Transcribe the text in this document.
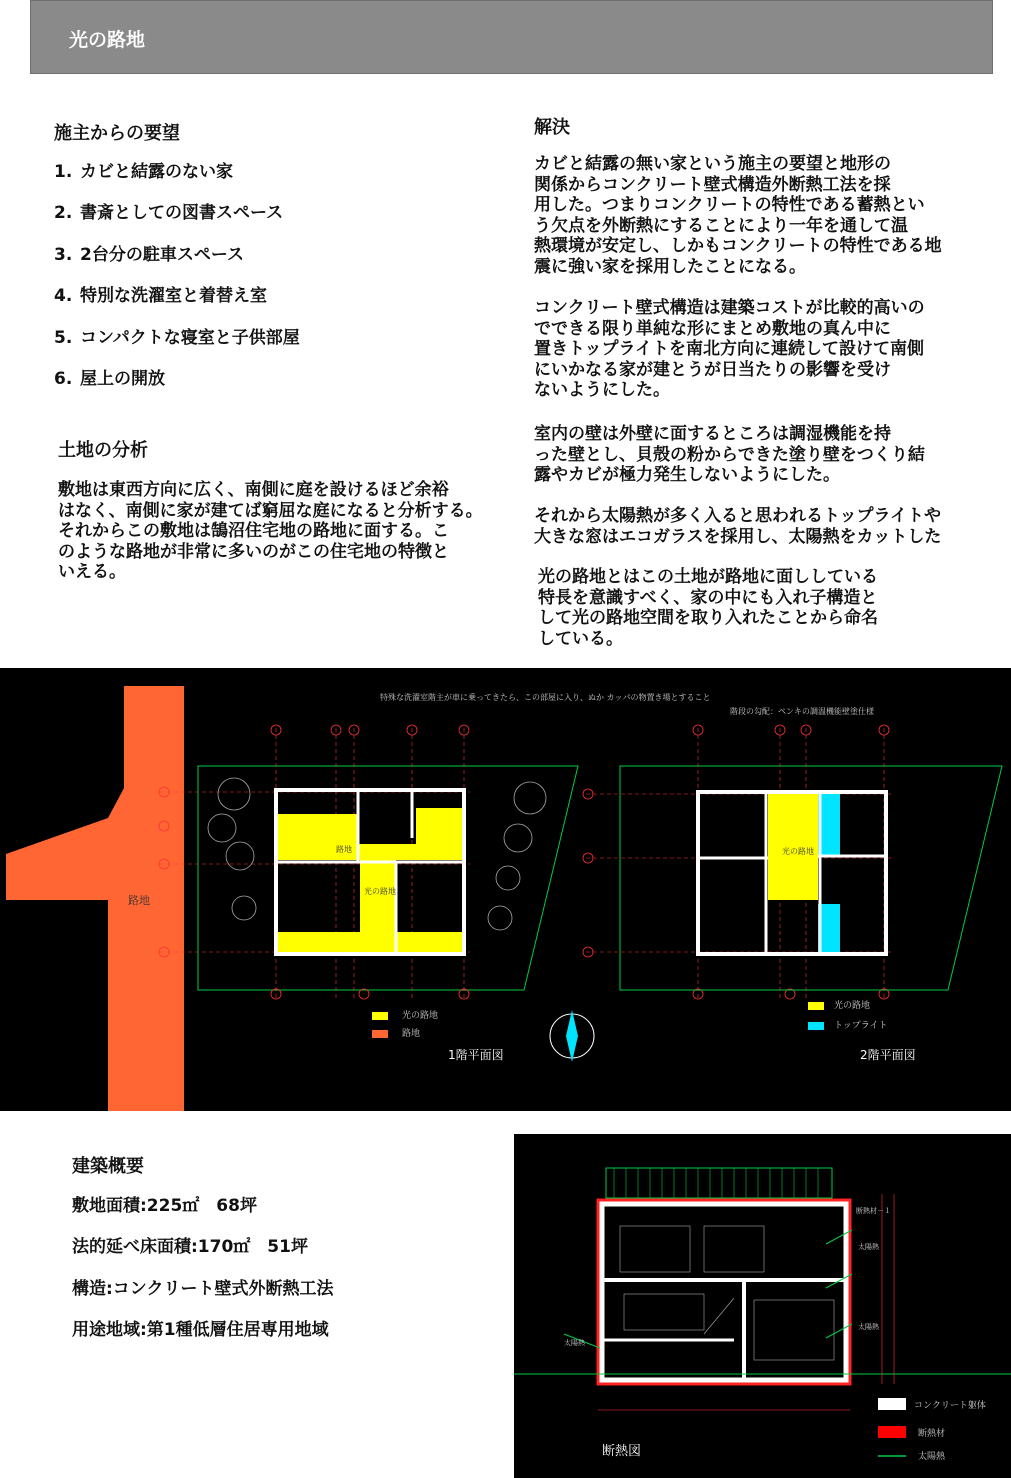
光の路地
施主からの要望
1. カビと結露のない家
2. 書斎としての図書スペース
3. 2台分の駐車スペース
4. 特別な洗濯室と着替え室
5. コンパクトな寝室と子供部屋
6. 屋上の開放
土地の分析
敷地は東西方向に広く、南側に庭を設けるほど余裕
はなく、南側に家が建てば窮屈な庭になると分析する。
それからこの敷地は鵠沼住宅地の路地に面する。こ
のような路地が非常に多いのがこの住宅地の特徴と
いえる。
解決
カビと結露の無い家という施主の要望と地形の
関係からコンクリート壁式構造外断熱工法を採
用した。つまりコンクリートの特性である蓄熱とい
う欠点を外断熱にすることにより一年を通して温
熱環境が安定し、しかもコンクリートの特性である地
震に強い家を採用したことになる。
コンクリート壁式構造は建築コストが比較的高いの
でできる限り単純な形にまとめ敷地の真ん中に
置きトップライトを南北方向に連続して設けて南側
にいかなる家が建とうが日当たりの影響を受け
ないようにした。
室内の壁は外壁に面するところは調湿機能を持
った壁とし、貝殻の粉からできた塗り壁をつくり結
露やカビが極力発生しないようにした。
それから太陽熱が多く入ると思われるトップライトや
大きな窓はエコガラスを採用し、太陽熱をカットした
光の路地とはこの土地が路地に面ししている
特長を意識すべく、家の中にも入れ子構造と
して光の路地空間を取り入れたことから命名
している。
特殊な洗濯室階主が車に乗ってきたら、この部屋に入り、ぬか カッパの物置き場とすること
階段の勾配：ペンキの調温機能壁塗仕様
路地
路地
光の路地
光の路地
光の路地
路地
光の路地
トップライト
1階平面図	2階平面図
建築概要
敷地面積:225㎡　68坪
法的延べ床面積:170㎡　51坪
構造:コンクリート壁式外断熱工法
用途地域:第1種低層住居専用地域
断熱材－１
太陽熱
太陽熱
太陽熱
コンクリート躯体
断熱材
太陽熱
断熱図
